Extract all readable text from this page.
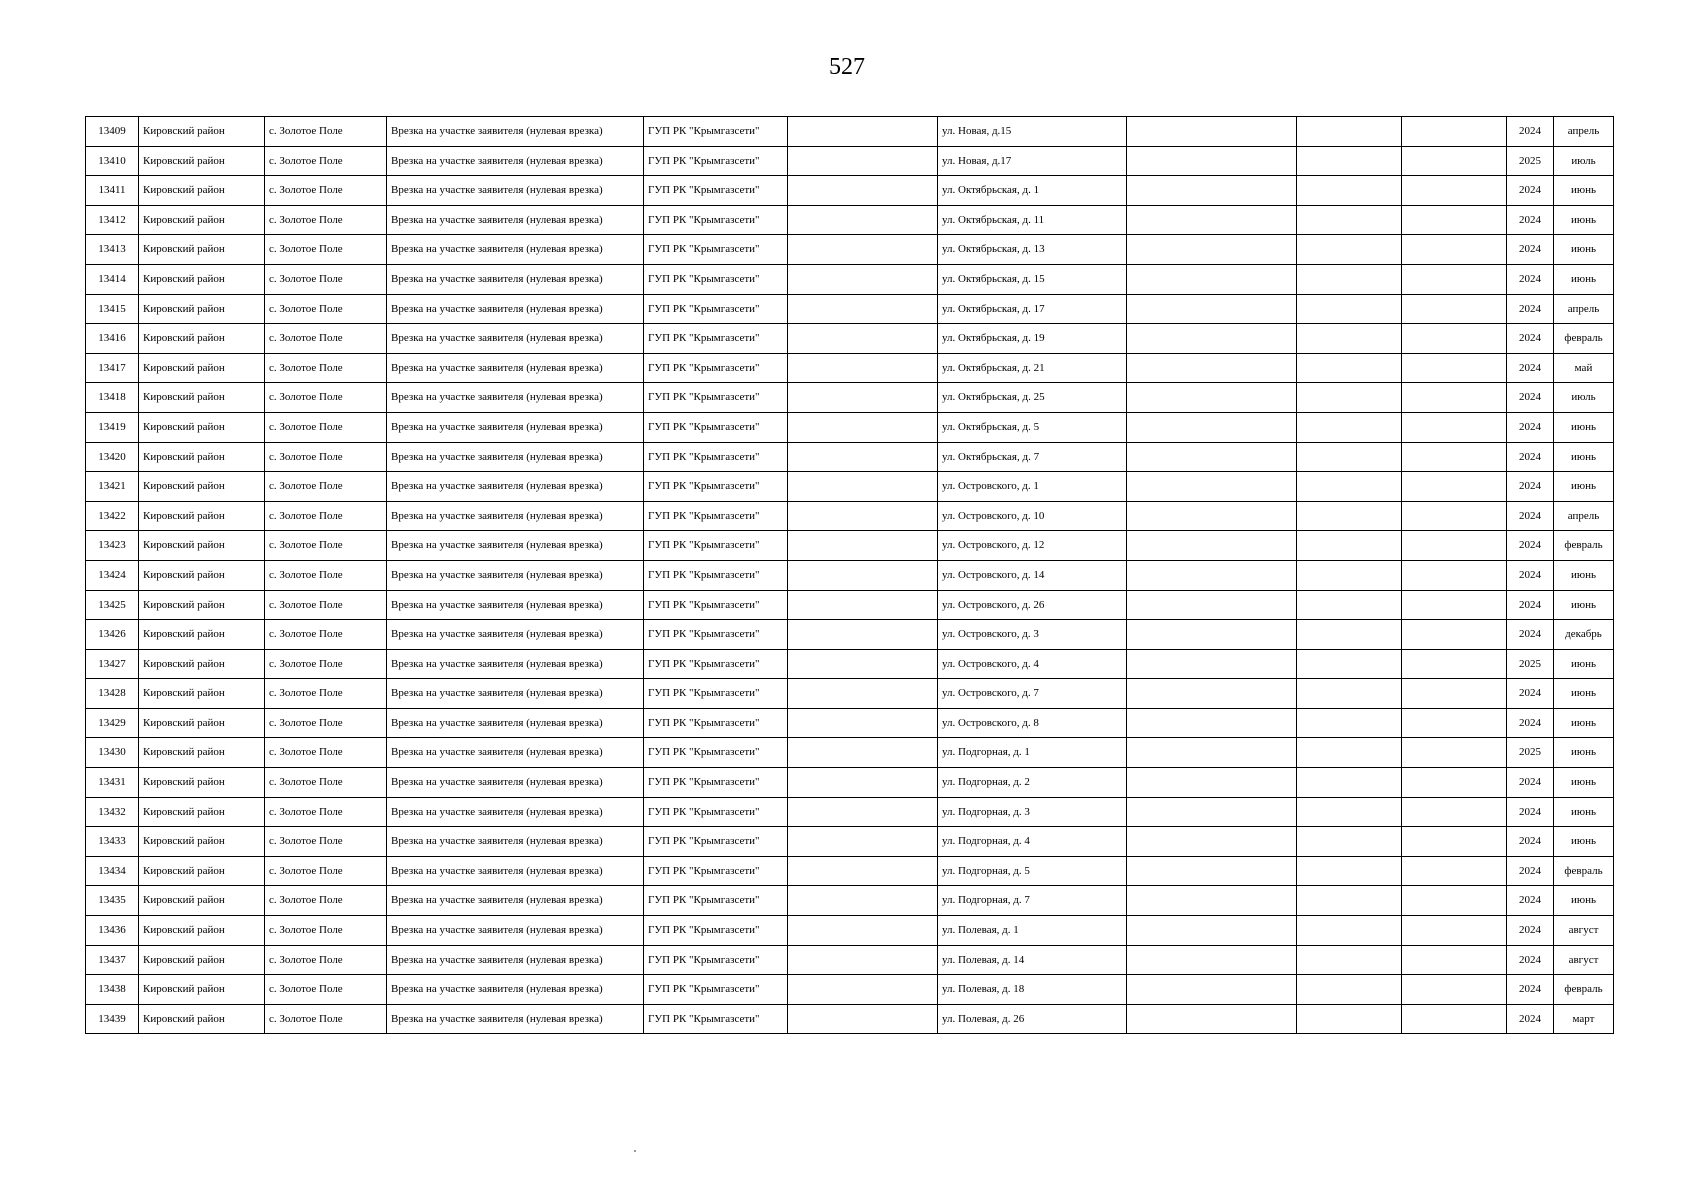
527
13409	Кировский район	с. Золотое Поле	Врезка на участке заявителя (нулевая врезка)	ГУП РК "Крымгазсети"		ул. Новая, д.15				2024	апрель
13410	Кировский район	с. Золотое Поле	Врезка на участке заявителя (нулевая врезка)	ГУП РК "Крымгазсети"		ул. Новая, д.17				2025	июль
13411	Кировский район	с. Золотое Поле	Врезка на участке заявителя (нулевая врезка)	ГУП РК "Крымгазсети"		ул. Октябрьская, д. 1				2024	июнь
13412	Кировский район	с. Золотое Поле	Врезка на участке заявителя (нулевая врезка)	ГУП РК "Крымгазсети"		ул. Октябрьская, д. 11				2024	июнь
13413	Кировский район	с. Золотое Поле	Врезка на участке заявителя (нулевая врезка)	ГУП РК "Крымгазсети"		ул. Октябрьская, д. 13				2024	июнь
13414	Кировский район	с. Золотое Поле	Врезка на участке заявителя (нулевая врезка)	ГУП РК "Крымгазсети"		ул. Октябрьская, д. 15				2024	июнь
13415	Кировский район	с. Золотое Поле	Врезка на участке заявителя (нулевая врезка)	ГУП РК "Крымгазсети"		ул. Октябрьская, д. 17				2024	апрель
13416	Кировский район	с. Золотое Поле	Врезка на участке заявителя (нулевая врезка)	ГУП РК "Крымгазсети"		ул. Октябрьская, д. 19				2024	февраль
13417	Кировский район	с. Золотое Поле	Врезка на участке заявителя (нулевая врезка)	ГУП РК "Крымгазсети"		ул. Октябрьская, д. 21				2024	май
13418	Кировский район	с. Золотое Поле	Врезка на участке заявителя (нулевая врезка)	ГУП РК "Крымгазсети"		ул. Октябрьская, д. 25				2024	июль
13419	Кировский район	с. Золотое Поле	Врезка на участке заявителя (нулевая врезка)	ГУП РК "Крымгазсети"		ул. Октябрьская, д. 5				2024	июнь
13420	Кировский район	с. Золотое Поле	Врезка на участке заявителя (нулевая врезка)	ГУП РК "Крымгазсети"		ул. Октябрьская, д. 7				2024	июнь
13421	Кировский район	с. Золотое Поле	Врезка на участке заявителя (нулевая врезка)	ГУП РК "Крымгазсети"		ул. Островского, д. 1				2024	июнь
13422	Кировский район	с. Золотое Поле	Врезка на участке заявителя (нулевая врезка)	ГУП РК "Крымгазсети"		ул. Островского, д. 10				2024	апрель
13423	Кировский район	с. Золотое Поле	Врезка на участке заявителя (нулевая врезка)	ГУП РК "Крымгазсети"		ул. Островского, д. 12				2024	февраль
13424	Кировский район	с. Золотое Поле	Врезка на участке заявителя (нулевая врезка)	ГУП РК "Крымгазсети"		ул. Островского, д. 14				2024	июнь
13425	Кировский район	с. Золотое Поле	Врезка на участке заявителя (нулевая врезка)	ГУП РК "Крымгазсети"		ул. Островского, д. 26				2024	июнь
13426	Кировский район	с. Золотое Поле	Врезка на участке заявителя (нулевая врезка)	ГУП РК "Крымгазсети"		ул. Островского, д. 3				2024	декабрь
13427	Кировский район	с. Золотое Поле	Врезка на участке заявителя (нулевая врезка)	ГУП РК "Крымгазсети"		ул. Островского, д. 4				2025	июнь
13428	Кировский район	с. Золотое Поле	Врезка на участке заявителя (нулевая врезка)	ГУП РК "Крымгазсети"		ул. Островского, д. 7				2024	июнь
13429	Кировский район	с. Золотое Поле	Врезка на участке заявителя (нулевая врезка)	ГУП РК "Крымгазсети"		ул. Островского, д. 8				2024	июнь
13430	Кировский район	с. Золотое Поле	Врезка на участке заявителя (нулевая врезка)	ГУП РК "Крымгазсети"		ул. Подгорная, д. 1				2025	июнь
13431	Кировский район	с. Золотое Поле	Врезка на участке заявителя (нулевая врезка)	ГУП РК "Крымгазсети"		ул. Подгорная, д. 2				2024	июнь
13432	Кировский район	с. Золотое Поле	Врезка на участке заявителя (нулевая врезка)	ГУП РК "Крымгазсети"		ул. Подгорная, д. 3				2024	июнь
13433	Кировский район	с. Золотое Поле	Врезка на участке заявителя (нулевая врезка)	ГУП РК "Крымгазсети"		ул. Подгорная, д. 4				2024	июнь
13434	Кировский район	с. Золотое Поле	Врезка на участке заявителя (нулевая врезка)	ГУП РК "Крымгазсети"		ул. Подгорная, д. 5				2024	февраль
13435	Кировский район	с. Золотое Поле	Врезка на участке заявителя (нулевая врезка)	ГУП РК "Крымгазсети"		ул. Подгорная, д. 7				2024	июнь
13436	Кировский район	с. Золотое Поле	Врезка на участке заявителя (нулевая врезка)	ГУП РК "Крымгазсети"		ул. Полевая, д. 1				2024	август
13437	Кировский район	с. Золотое Поле	Врезка на участке заявителя (нулевая врезка)	ГУП РК "Крымгазсети"		ул. Полевая, д. 14				2024	август
13438	Кировский район	с. Золотое Поле	Врезка на участке заявителя (нулевая врезка)	ГУП РК "Крымгазсети"		ул. Полевая, д. 18				2024	февраль
13439	Кировский район	с. Золотое Поле	Врезка на участке заявителя (нулевая врезка)	ГУП РК "Крымгазсети"		ул. Полевая, д. 26				2024	март
